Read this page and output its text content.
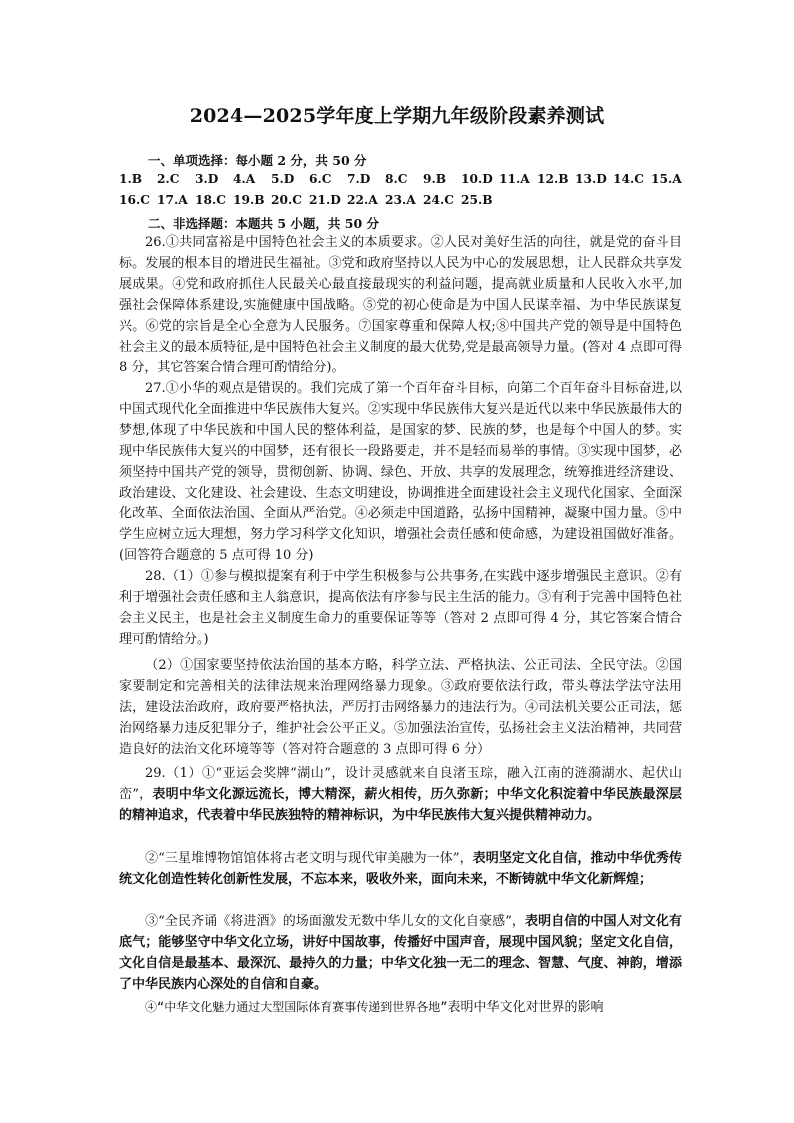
2024—2025学年度上学期九年级阶段素养测试
一、单项选择：每小题 2 分，共 50 分
1.B	2.C	3.D	4.A	5.D	6.C	7.D	8.C	9.B	10.D 11.A 12.B 13.D 14.C 15.A
16.C 17.A 18.C 19.B 20.C 21.D 22.A 23.A 24.C 25.B
二、非选择题：本题共 5 小题，共 50 分
26.①共同富裕是中国特色社会主义的本质要求。②人民对美好生活的向往，就是党的奋斗目标。发展的根本目的增进民生福祉。③党和政府坚持以人民为中心的发展思想，让人民群众共享发展成果。④党和政府抓住人民最关心最直接最现实的利益问题，提高就业质量和人民收入水平,加强社会保障体系建设,实施健康中国战略。⑤党的初心使命是为中国人民谋幸福、为中华民族谋复兴。⑥党的宗旨是全心全意为人民服务。⑦国家尊重和保障人权;⑧中国共产党的领导是中国特色社会主义的最本质特征,是中国特色社会主义制度的最大优势,党是最高领导力量。(答对 4 点即可得 8 分，其它答案合情合理可酌情给分)。
27.①小华的观点是错误的。我们完成了第一个百年奋斗目标，向第二个百年奋斗目标奋进,以中国式现代化全面推进中华民族伟大复兴。②实现中华民族伟大复兴是近代以来中华民族最伟大的梦想,体现了中华民族和中国人民的整体利益，是国家的梦、民族的梦，也是每个中国人的梦。实现中华民族伟大复兴的中国梦，还有很长一段路要走，并不是轻而易举的事情。③实现中国梦，必须坚持中国共产党的领导，贯彻创新、协调、绿色、开放、共享的发展理念，统筹推进经济建设、政治建设、文化建设、社会建设、生态文明建设，协调推进全面建设社会主义现代化国家、全面深化改革、全面依法治国、全面从严治党。④必须走中国道路，弘扬中国精神，凝聚中国力量。⑤中学生应树立远大理想，努力学习科学文化知识，增强社会责任感和使命感，为建设祖国做好准备。(回答符合题意的 5 点可得 10 分)
28.（1）①参与模拟提案有利于中学生积极参与公共事务,在实践中逐步增强民主意识。②有利于增强社会责任感和主人翁意识，提高依法有序参与民主生活的能力。③有利于完善中国特色社会主义民主，也是社会主义制度生命力的重要保证等等（答对 2 点即可得 4 分，其它答案合情合理可酌情给分。)
（2）①国家要坚持依法治国的基本方略，科学立法、严格执法、公正司法、全民守法。②国家要制定和完善相关的法律法规来治理网络暴力现象。③政府要依法行政，带头尊法学法守法用法，建设法治政府，政府要严格执法，严厉打击网络暴力的违法行为。④司法机关要公正司法，惩治网络暴力违反犯罪分子，维护社会公平正义。⑤加强法治宣传，弘扬社会主义法治精神，共同营造良好的法治文化环境等等（答对符合题意的 3 点即可得 6 分）
29.（1）①“亚运会奖牌“湖山”，设计灵感就来自良渚玉琮，融入江南的涟漪湖水、起伏山峦”，表明中华文化源远流长，博大精深，薪火相传，历久弥新；中华文化积淀着中华民族最深层的精神追求，代表着中华民族独特的精神标识，为中华民族伟大复兴提供精神动力。
②“三星堆博物馆馆体将古老文明与现代审美融为一体”，表明坚定文化自信，推动中华优秀传统文化创造性转化创新性发展，不忘本来，吸收外来，面向未来，不断铸就中华文化新辉煌；
③“全民齐诵《将进酒》的场面激发无数中华儿女的文化自豪感”，表明自信的中国人对文化有底气；能够坚守中华文化立场，讲好中国故事，传播好中国声音，展现中国风貌；坚定文化自信，文化自信是最基本、最深沉、最持久的力量；中华文化独一无二的理念、智慧、气度、神韵，增添了中华民族内心深处的自信和自豪。
④“中华文化魅力通过大型国际体育赛事传递到世界各地”表明中华文化对世界的影响
